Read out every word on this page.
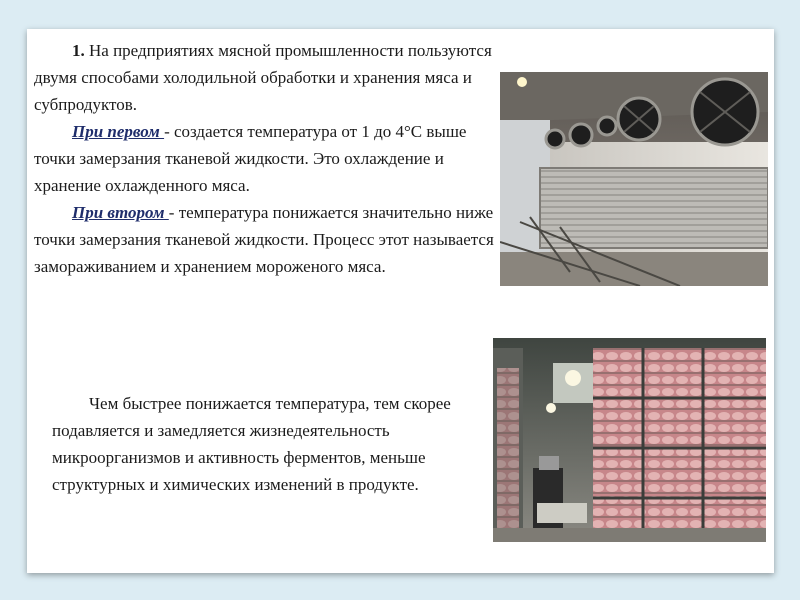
1. На предприятиях мясной промышленности пользуются двумя способами холодильной обработки и хранения мяса и субпродуктов.

При первом - создается температура от 1 до 4°С выше точки замерзания тканевой жидкости. Это охлаждение и хранение охлажденного мяса.

При втором - температура понижается значительно ниже точки замерзания тканевой жидкости. Процесс этот называется замораживанием и хранением мороженого мяса.

Чем быстрее понижается температура, тем скорее подавляется и замедляется жизнедеятельность микроорганизмов и активность ферментов, меньше структурных и химических изменений в продукте.
